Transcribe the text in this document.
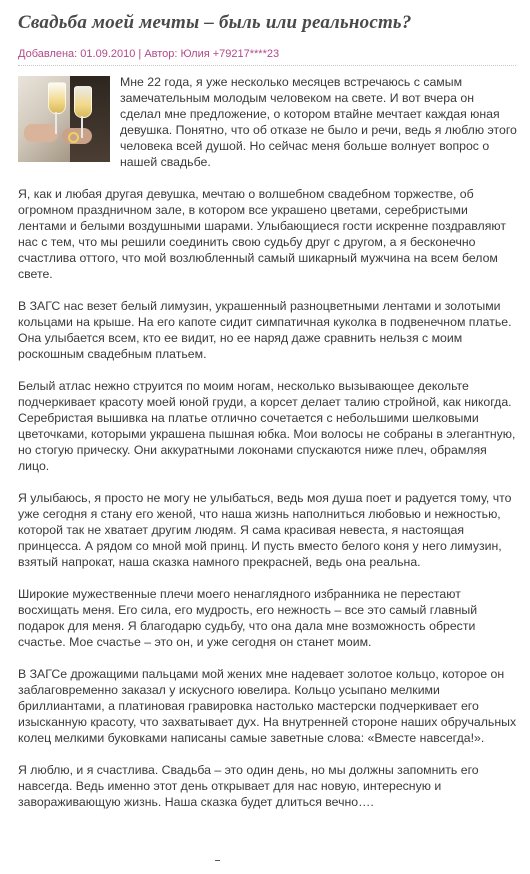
Свадьба моей мечты – быль или реальность?
Добавлена: 01.09.2010 | Автор: Юлия +79217****23

Мне 22 года, я уже несколько месяцев встречаюсь с самым замечательным молодым человеком на свете. И вот вчера он сделал мне предложение, о котором втайне мечтает каждая юная девушка. Понятно, что об отказе не было и речи, ведь я люблю этого человека всей душой. Но сейчас меня больше волнует вопрос о нашей свадьбе.

Я, как и любая другая девушка, мечтаю о волшебном свадебном торжестве, об огромном праздничном зале, в котором все украшено цветами, серебристыми лентами и белыми воздушными шарами. Улыбающиеся гости искренне поздравляют нас с тем, что мы решили соединить свою судьбу друг с другом, а я бесконечно счастлива оттого, что мой возлюбленный самый шикарный мужчина на всем белом свете.

В ЗАГС нас везет белый лимузин, украшенный разноцветными лентами и золотыми кольцами на крыше. На его капоте сидит симпатичная куколка в подвенечном платье. Она улыбается всем, кто ее видит, но ее наряд даже сравнить нельзя с моим роскошным свадебным платьем.

Белый атлас нежно струится по моим ногам, несколько вызывающее декольте подчеркивает красоту моей юной груди, а корсет делает талию стройной, как никогда. Серебристая вышивка на платье отлично сочетается с небольшими шелковыми цветочками, которыми украшена пышная юбка. Мои волосы не собраны в элегантную, но стогую прическу. Они аккуратными локонами спускаются ниже плеч, обрамляя лицо.

Я улыбаюсь, я просто не могу не улыбаться, ведь моя душа поет и радуется тому, что уже сегодня я стану его женой, что наша жизнь наполниться любовью и нежностью, которой так не хватает другим людям. Я сама красивая невеста, я настоящая принцесса. А рядом со мной мой принц. И пусть вместо белого коня у него лимузин, взятый напрокат, наша сказка намного прекрасней, ведь она реальна.

Широкие мужественные плечи моего ненаглядного избранника не перестают восхищать меня. Его сила, его мудрость, его нежность – все это самый главный подарок для меня. Я благодарю судьбу, что она дала мне возможность обрести счастье. Мое счастье – это он, и уже сегодня он станет моим.

В ЗАГСе дрожащими пальцами мой жених мне надевает золотое кольцо, которое он заблаговременно заказал у искусного ювелира. Кольцо усыпано мелкими бриллиантами, а платиновая гравировка настолько мастерски подчеркивает его изысканную красоту, что захватывает дух. На внутренней стороне наших обручальных колец мелкими буковками написаны самые заветные слова: «Вместе навсегда!».

Я люблю, и я счастлива. Свадьба – это один день, но мы должны запомнить его навсегда. Ведь именно этот день открывает для нас новую, интересную и завораживающую жизнь. Наша сказка будет длиться вечно….
